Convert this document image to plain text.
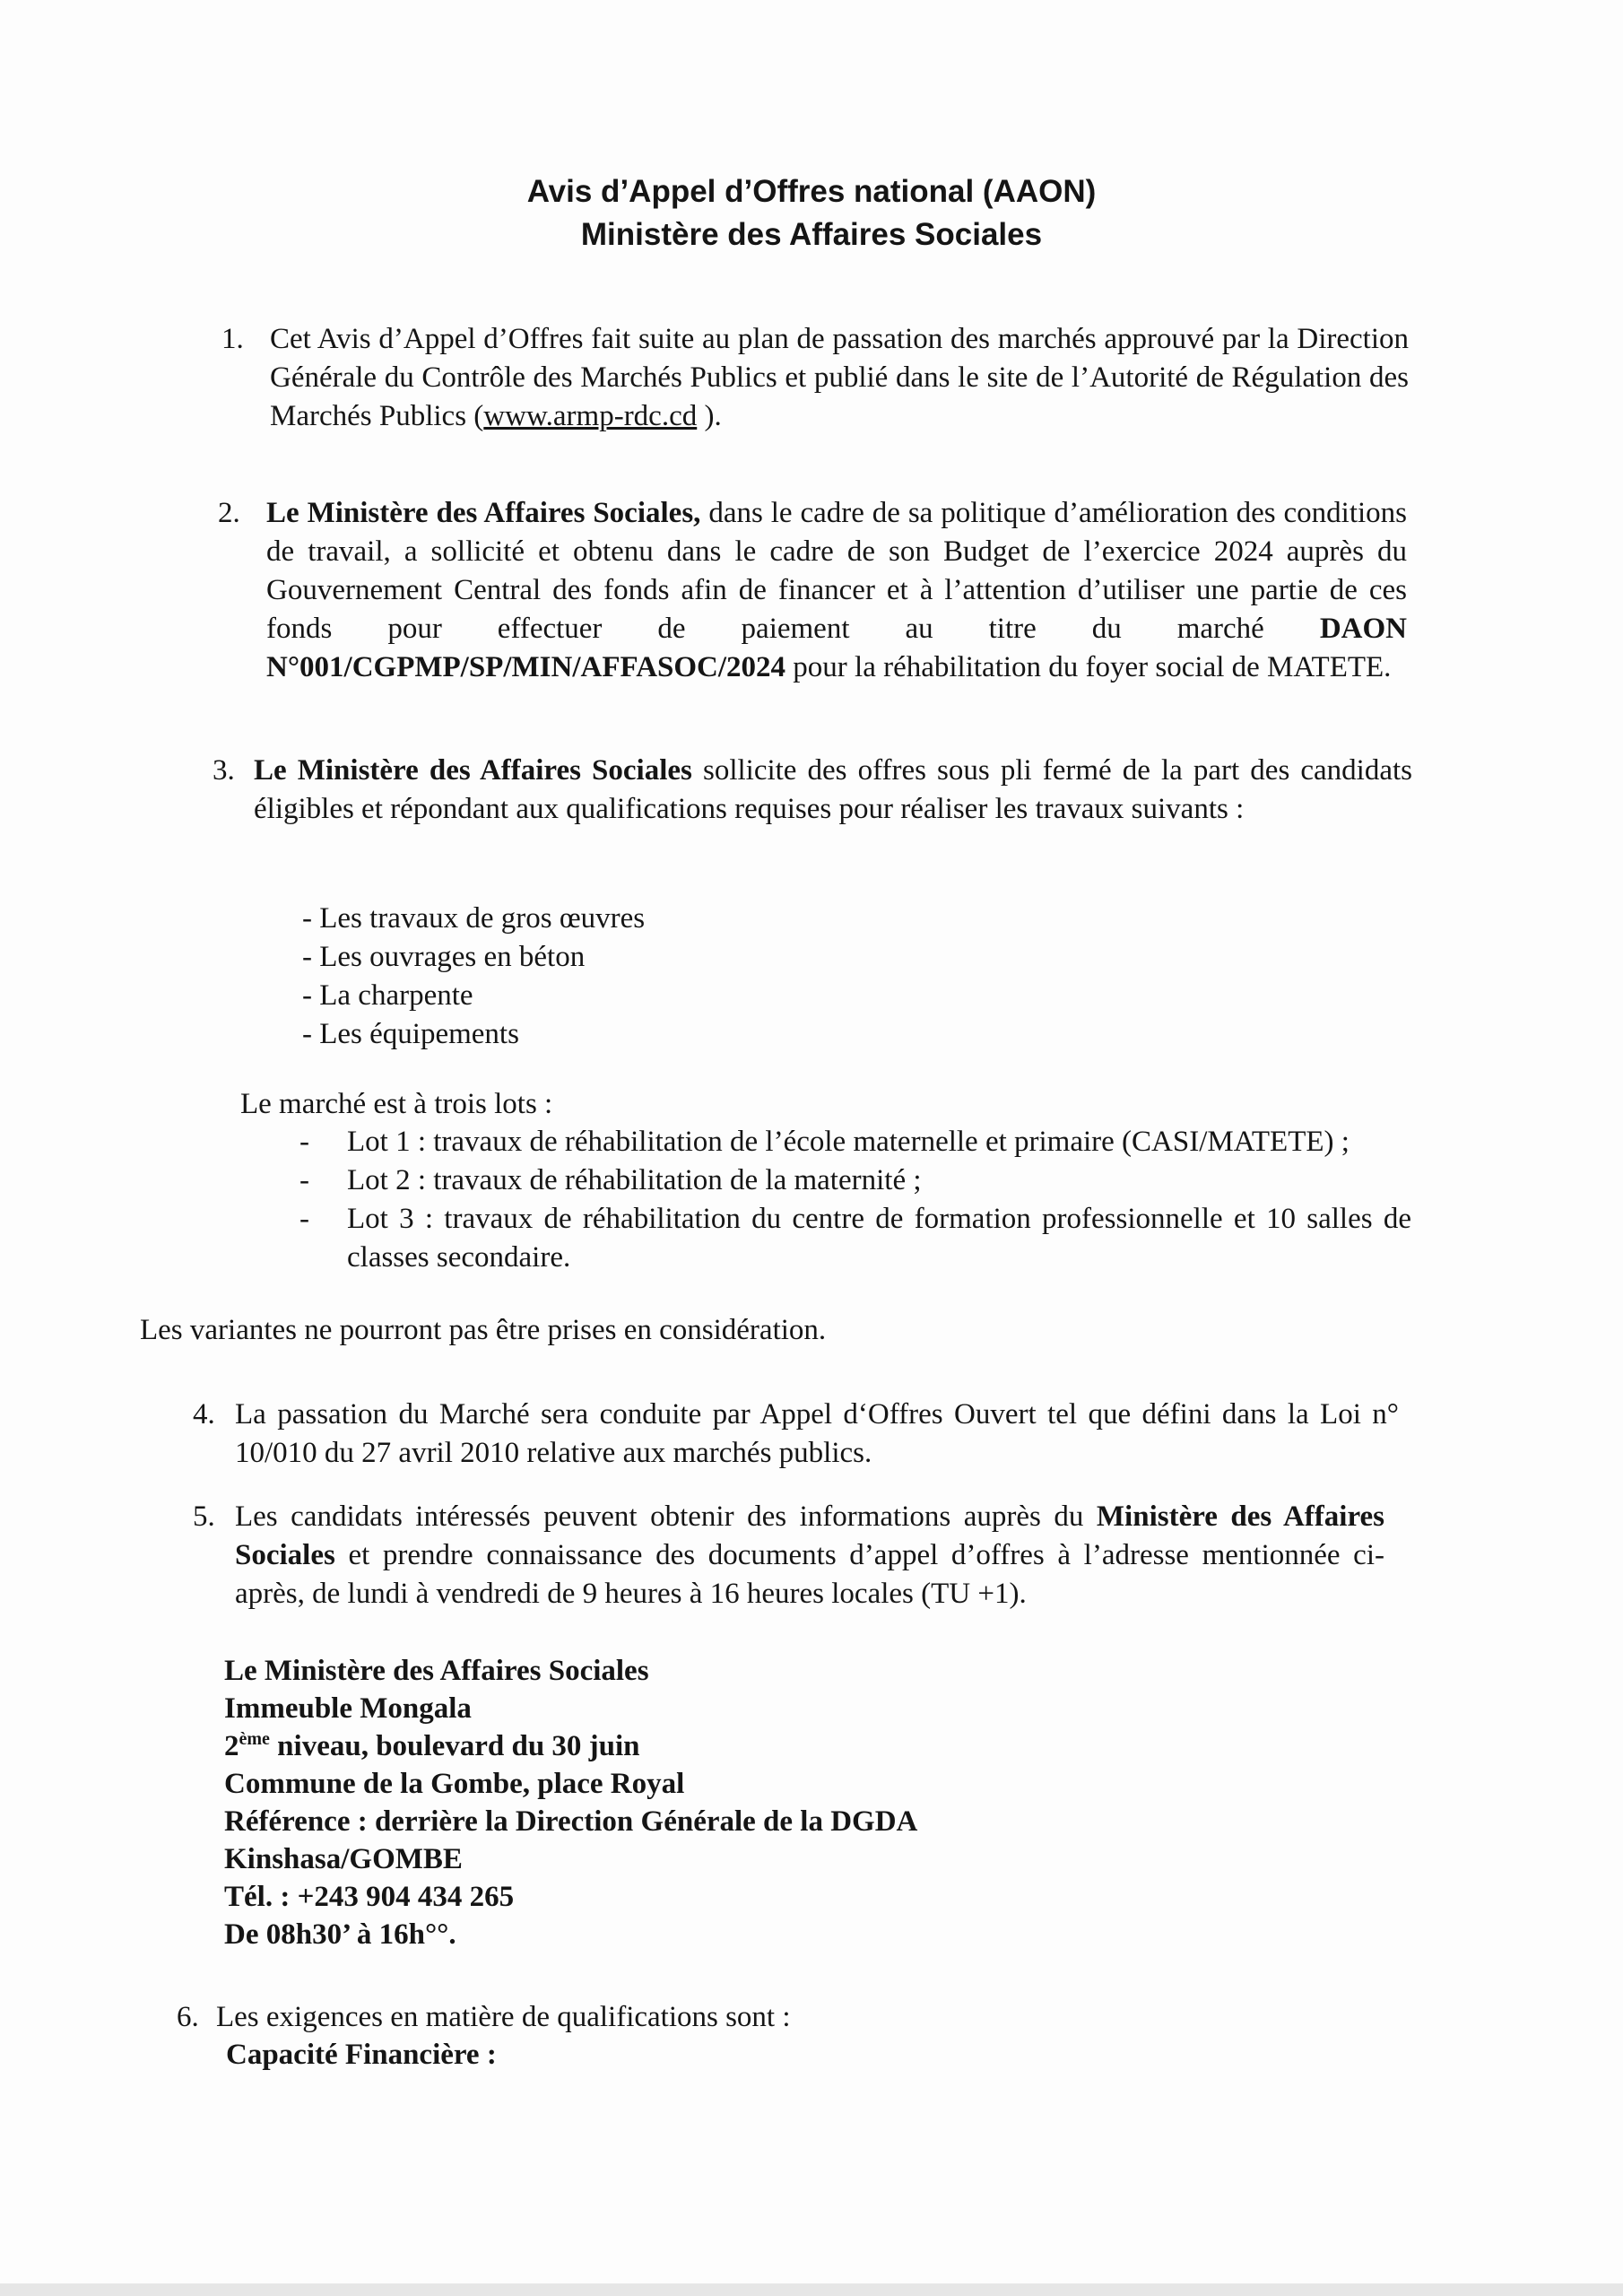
Avis d’Appel d’Offres national (AAON)
Ministère des Affaires Sociales
1. Cet Avis d’Appel d’Offres fait suite au plan de passation des marchés approuvé par la Direction Générale du Contrôle des Marchés Publics et publié dans le site de l’Autorité de Régulation des Marchés Publics (www.armp-rdc.cd ).
2. Le Ministère des Affaires Sociales, dans le cadre de sa politique d’amélioration des conditions de travail, a sollicité et obtenu dans le cadre de son Budget de l’exercice 2024 auprès du Gouvernement Central des fonds afin de financer et à l’attention d’utiliser une partie de ces fonds pour effectuer de paiement au titre du marché DAON N°001/CGPMP/SP/MIN/AFFASOC/2024 pour la réhabilitation du foyer social de MATETE.
3. Le Ministère des Affaires Sociales sollicite des offres sous pli fermé de la part des candidats éligibles et répondant aux qualifications requises pour réaliser les travaux suivants :
- Les travaux de gros œuvres
- Les ouvrages en béton
- La charpente
- Les équipements
Le marché est à trois lots :
- Lot 1 : travaux de réhabilitation de l’école maternelle et primaire (CASI/MATETE) ;
- Lot 2 : travaux de réhabilitation de la maternité ;
- Lot 3 : travaux de réhabilitation du centre de formation professionnelle et 10 salles de classes secondaire.
Les variantes ne pourront pas être prises en considération.
4. La passation du Marché sera conduite par Appel d‘Offres Ouvert tel que défini dans la Loi n° 10/010 du 27 avril 2010 relative aux marchés publics.
5. Les candidats intéressés peuvent obtenir des informations auprès du Ministère des Affaires Sociales et prendre connaissance des documents d’appel d’offres à l’adresse mentionnée ci-après, de lundi à vendredi de 9 heures à 16 heures locales (TU +1).
Le Ministère des Affaires Sociales
Immeuble Mongala
2ème niveau, boulevard du 30 juin
Commune de la Gombe, place Royal
Référence : derrière la Direction Générale de la DGDA
Kinshasa/GOMBE
Tél. : +243 904 434 265
De 08h30’ à 16h°°.
6. Les exigences en matière de qualifications sont :
Capacité Financière :
